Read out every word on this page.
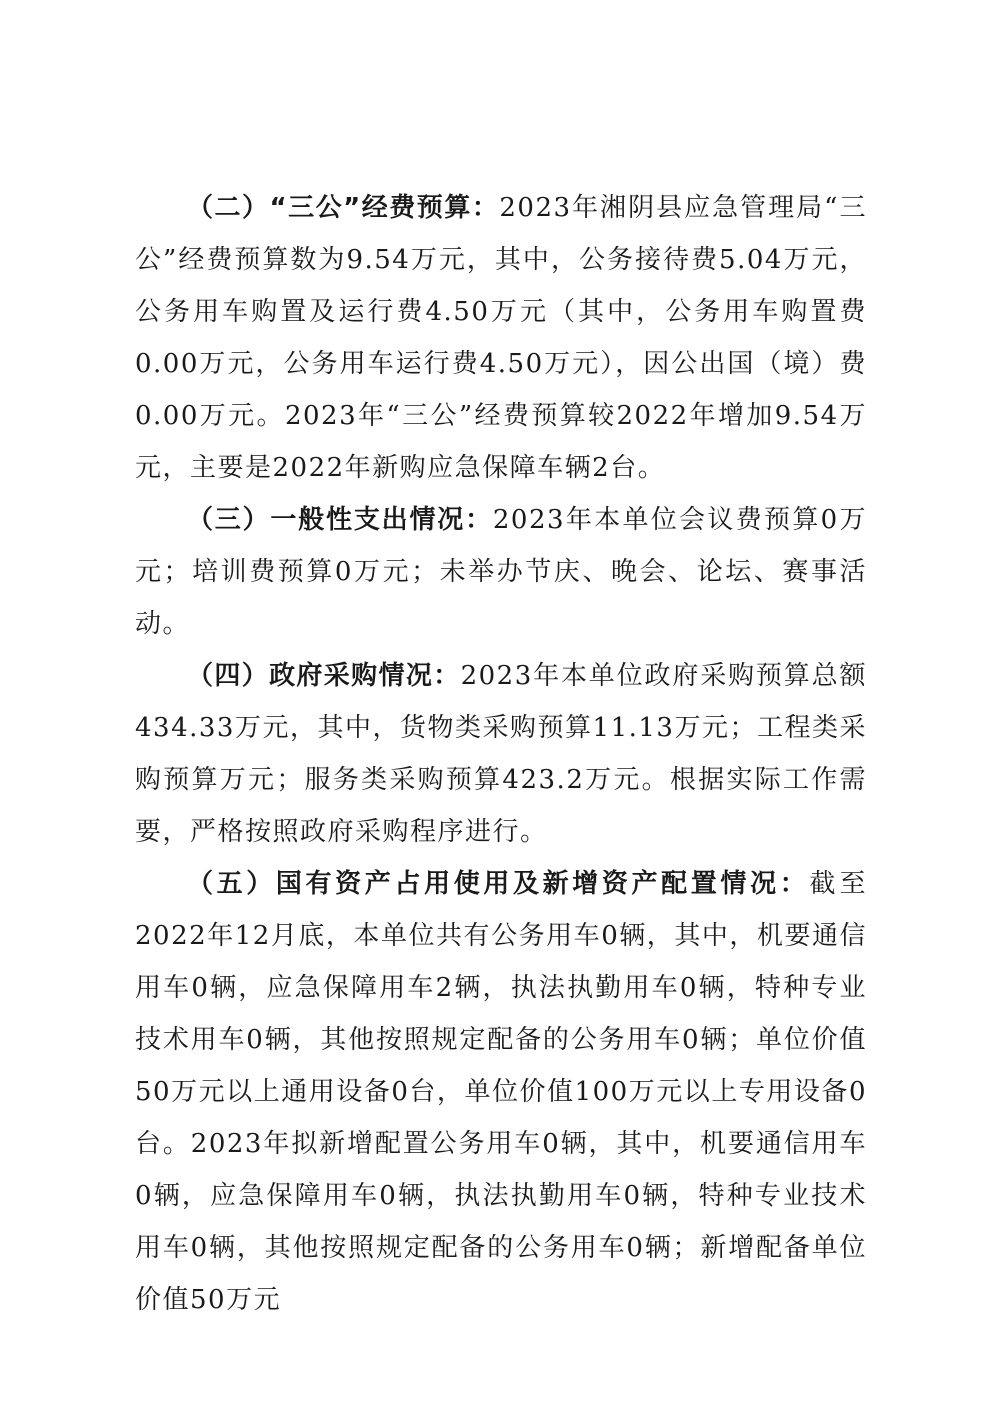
（二）“三公”经费预算：2023年湘阴县应急管理局“三公”经费预算数为9.54万元，其中，公务接待费5.04万元，公务用车购置及运行费4.50万元（其中，公务用车购置费0.00万元，公务用车运行费4.50万元），因公出国（境）费0.00万元。2023年“三公”经费预算较2022年增加9.54万元，主要是2022年新购应急保障车辆2台。

（三）一般性支出情况：2023年本单位会议费预算0万元；培训费预算0万元；未举办节庆、晚会、论坛、赛事活动。

（四）政府采购情况：2023年本单位政府采购预算总额434.33万元，其中，货物类采购预算11.13万元；工程类采购预算万元；服务类采购预算423.2万元。根据实际工作需要，严格按照政府采购程序进行。

（五）国有资产占用使用及新增资产配置情况：截至2022年12月底，本单位共有公务用车0辆，其中，机要通信用车0辆，应急保障用车2辆，执法执勤用车0辆，特种专业技术用车0辆，其他按照规定配备的公务用车0辆；单位价值50万元以上通用设备0台，单位价值100万元以上专用设备0台。2023年拟新增配置公务用车0辆，其中，机要通信用车0辆，应急保障用车0辆，执法执勤用车0辆，特种专业技术用车0辆，其他按照规定配备的公务用车0辆；新增配备单位价值50万元
